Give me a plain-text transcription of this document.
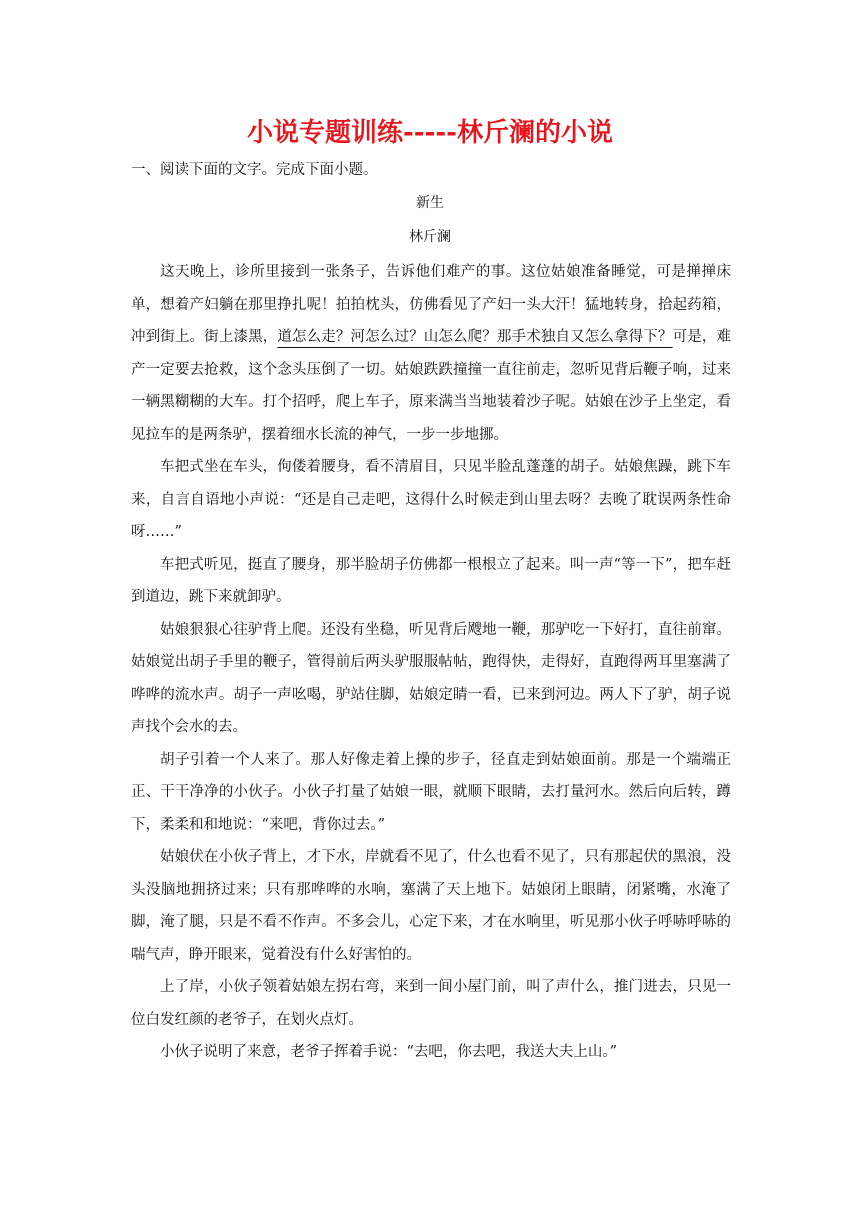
小说专题训练-----林斤澜的小说
一、阅读下面的文字。完成下面小题。
新生
林斤澜

这天晚上，诊所里接到一张条子，告诉他们难产的事。这位姑娘准备睡觉，可是掸掸床单，想着产妇躺在那里挣扎呢！拍拍枕头，仿佛看见了产妇一头大汗！猛地转身，拾起药箱，冲到街上。街上漆黑，道怎么走？河怎么过？山怎么爬？那手术独自又怎么拿得下？可是，难产一定要去抢救，这个念头压倒了一切。姑娘跌跌撞撞一直往前走，忽听见背后鞭子响，过来一辆黑糊糊的大车。打个招呼，爬上车子，原来满当当地装着沙子呢。姑娘在沙子上坐定，看见拉车的是两条驴，摆着细水长流的神气，一步一步地挪。

车把式坐在车头，佝偻着腰身，看不清眉目，只见半脸乱蓬蓬的胡子。姑娘焦躁，跳下车来，自言自语地小声说：“还是自己走吧，这得什么时候走到山里去呀？去晚了耽误两条性命呀……”

车把式听见，挺直了腰身，那半脸胡子仿佛都一根根立了起来。叫一声“等一下”，把车赶到道边，跳下来就卸驴。

姑娘狠狠心往驴背上爬。还没有坐稳，听见背后飕地一鞭，那驴吃一下好打，直往前窜。姑娘觉出胡子手里的鞭子，管得前后两头驴服服帖帖，跑得快，走得好，直跑得两耳里塞满了哗哗的流水声。胡子一声吆喝，驴站住脚，姑娘定睛一看，已来到河边。两人下了驴，胡子说声找个会水的去。

胡子引着一个人来了。那人好像走着上操的步子，径直走到姑娘面前。那是一个端端正正、干干净净的小伙子。小伙子打量了姑娘一眼，就顺下眼睛，去打量河水。然后向后转，蹲下，柔柔和和地说：“来吧，背你过去。”

姑娘伏在小伙子背上，才下水，岸就看不见了，什么也看不见了，只有那起伏的黑浪，没头没脑地拥挤过来；只有那哗哗的水响，塞满了天上地下。姑娘闭上眼睛，闭紧嘴，水淹了脚，淹了腿，只是不看不作声。不多会儿，心定下来，才在水响里，听见那小伙子呼哧呼哧的喘气声，睁开眼来，觉着没有什么好害怕的。

上了岸，小伙子领着姑娘左拐右弯，来到一间小屋门前，叫了声什么，推门进去，只见一位白发红颜的老爷子，在划火点灯。

小伙子说明了来意，老爷子挥着手说：“去吧，你去吧，我送大夫上山。”
